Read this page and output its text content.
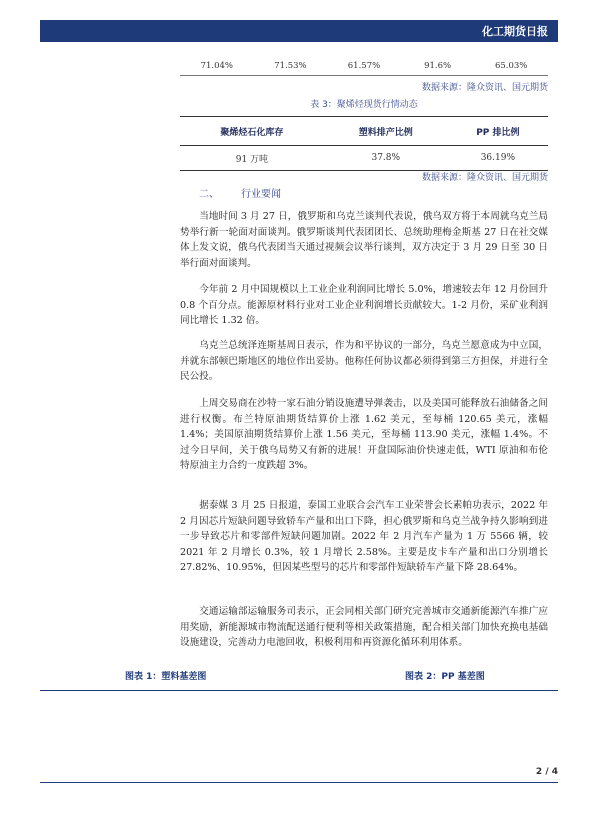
化工期货日报
71.04%	71.53%	61.57%	91.6%	65.03%
数据来源：隆众资讯、国元期货
表 3：聚烯烃现货行情动态
聚烯烃石化库存	塑料排产比例	PP 排比例
91 万吨	37.8%	36.19%
数据来源：隆众资讯、国元期货
二、 行业要闻

当地时间 3 月 27 日，俄罗斯和乌克兰谈判代表说，俄乌双方将于本周就乌克兰局势举行新一轮面对面谈判。俄罗斯谈判代表团团长、总统助理梅金斯基 27 日在社交媒体上发文说，俄乌代表团当天通过视频会议举行谈判，双方决定于 3 月 29 日至 30 日举行面对面谈判。

今年前 2 月中国规模以上工业企业利润同比增长 5.0%，增速较去年 12 月份回升 0.8 个百分点。能源原材料行业对工业企业利润增长贡献较大。1-2 月份，采矿业利润同比增长 1.32 倍。

乌克兰总统泽连斯基周日表示，作为和平协议的一部分，乌克兰愿意成为中立国，并就东部顿巴斯地区的地位作出妥协。他称任何协议都必须得到第三方担保，并进行全民公投。

上周交易商在沙特一家石油分销设施遭导弹袭击，以及美国可能释放石油储备之间进行权衡。布兰特原油期货结算价上涨 1.62 美元，至每桶 120.65 美元，涨幅 1.4%；美国原油期货结算价上涨 1.56 美元，至每桶 113.90 美元，涨幅 1.4%。不过今日早间，关于俄乌局势又有新的进展！开盘国际油价快速走低，WTI 原油和布伦特原油主力合约一度跌超 3%。

据泰媒 3 月 25 日报道，泰国工业联合会汽车工业荣誉会长素帕功表示，2022 年 2 月因芯片短缺问题导致轿车产量和出口下降，担心俄罗斯和乌克兰战争持久影响到进一步导致芯片和零部件短缺问题加剧。2022 年 2 月汽车产量为 1 万 5566 辆，较 2021 年 2 月增长 0.3%，较 1 月增长 2.58%。主要是皮卡车产量和出口分别增长 27.82%、10.95%，但因某些型号的芯片和零部件短缺轿车产量下降 28.64%。

交通运输部运输服务司表示，正会同相关部门研究完善城市交通新能源汽车推广应用奖励，新能源城市物流配送通行便利等相关政策措施，配合相关部门加快充换电基础设施建设，完善动力电池回收，积极利用和再资源化循环利用体系。

图表 1：塑料基差图	图表 2：PP 基差图
2 / 4
